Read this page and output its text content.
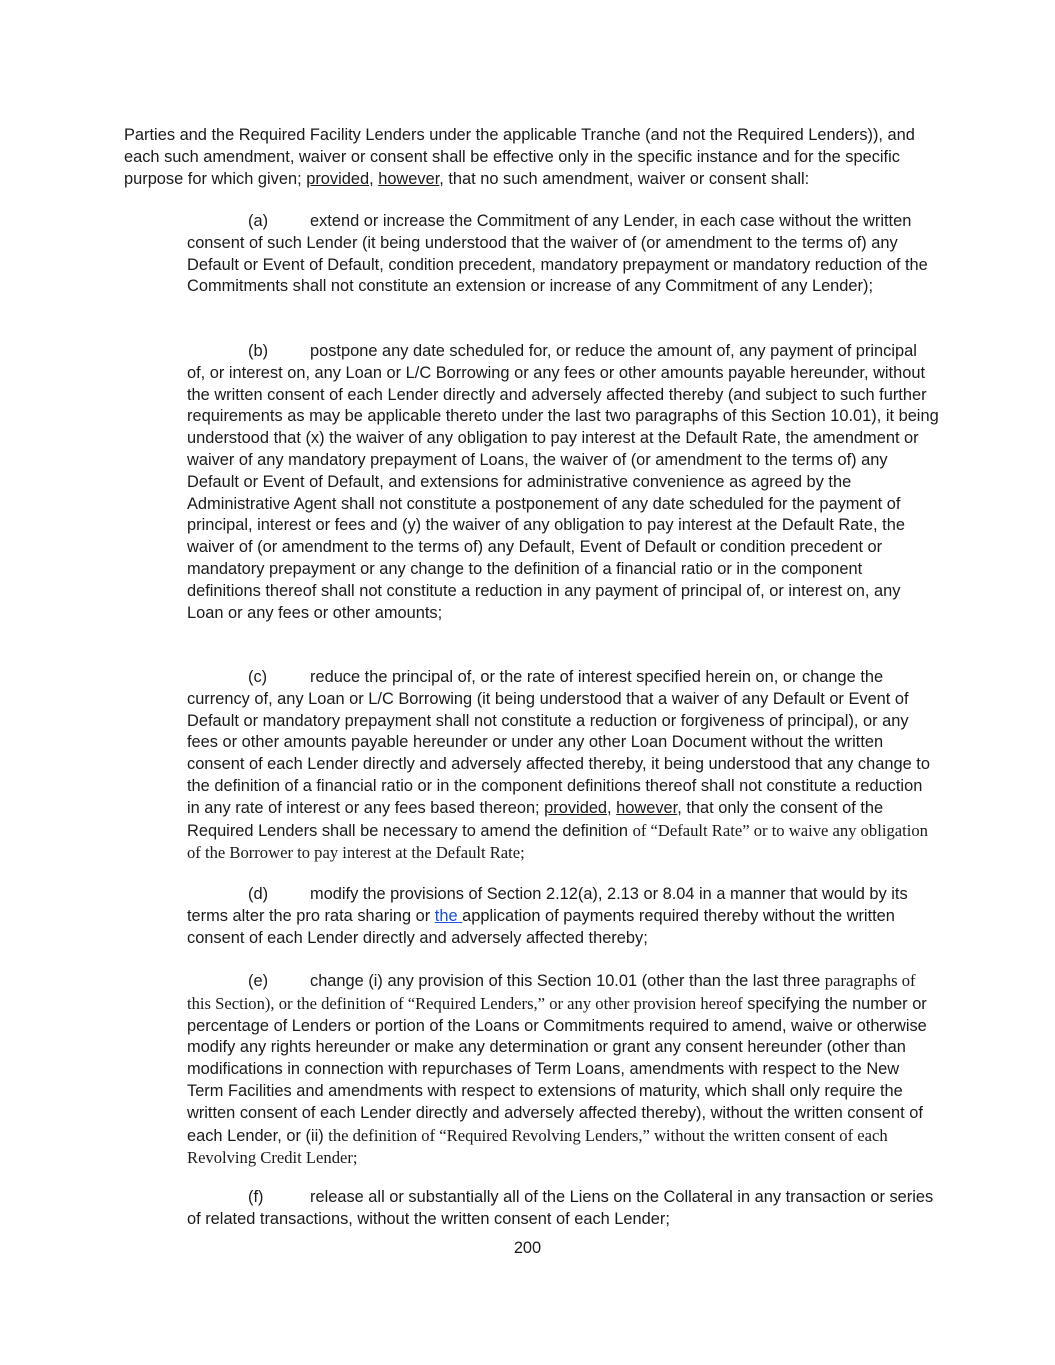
Parties and the Required Facility Lenders under the applicable Tranche (and not the Required Lenders)), and each such amendment, waiver or consent shall be effective only in the specific instance and for the specific purpose for which given; provided, however, that no such amendment, waiver or consent shall:

(a)	extend or increase the Commitment of any Lender, in each case without the written consent of such Lender (it being understood that the waiver of (or amendment to the terms of) any Default or Event of Default, condition precedent, mandatory prepayment or mandatory reduction of the Commitments shall not constitute an extension or increase of any Commitment of any Lender);

(b)	postpone any date scheduled for, or reduce the amount of, any payment of principal of, or interest on, any Loan or L/C Borrowing or any fees or other amounts payable hereunder, without the written consent of each Lender directly and adversely affected thereby (and subject to such further requirements as may be applicable thereto under the last two paragraphs of this Section 10.01), it being understood that (x) the waiver of any obligation to pay interest at the Default Rate, the amendment or waiver of any mandatory prepayment of Loans, the waiver of (or amendment to the terms of) any Default or Event of Default, and extensions for administrative convenience as agreed by the Administrative Agent shall not constitute a postponement of any date scheduled for the payment of principal, interest or fees and (y) the waiver of any obligation to pay interest at the Default Rate, the waiver of (or amendment to the terms of) any Default, Event of Default or condition precedent or mandatory prepayment or any change to the definition of a financial ratio or in the component definitions thereof shall not constitute a reduction in any payment of principal of, or interest on, any Loan or any fees or other amounts;

(c)	reduce the principal of, or the rate of interest specified herein on, or change the currency of, any Loan or L/C Borrowing (it being understood that a waiver of any Default or Event of Default or mandatory prepayment shall not constitute a reduction or forgiveness of principal), or any fees or other amounts payable hereunder or under any other Loan Document without the written consent of each Lender directly and adversely affected thereby, it being understood that any change to the definition of a financial ratio or in the component definitions thereof shall not constitute a reduction in any rate of interest or any fees based thereon; provided, however, that only the consent of the Required Lenders shall be necessary to amend the definition of “Default Rate” or to waive any obligation of the Borrower to pay interest at the Default Rate;

(d)	modify the provisions of Section 2.12(a), 2.13 or 8.04 in a manner that would by its terms alter the pro rata sharing or the application of payments required thereby without the written consent of each Lender directly and adversely affected thereby;

(e)	change (i) any provision of this Section 10.01 (other than the last three paragraphs of this Section), or the definition of “Required Lenders,” or any other provision hereof specifying the number or percentage of Lenders or portion of the Loans or Commitments required to amend, waive or otherwise modify any rights hereunder or make any determination or grant any consent hereunder (other than modifications in connection with repurchases of Term Loans, amendments with respect to the New Term Facilities and amendments with respect to extensions of maturity, which shall only require the written consent of each Lender directly and adversely affected thereby), without the written consent of each Lender, or (ii) the definition of “Required Revolving Lenders,” without the written consent of each Revolving Credit Lender;

(f)	release all or substantially all of the Liens on the Collateral in any transaction or series of related transactions, without the written consent of each Lender;

200
